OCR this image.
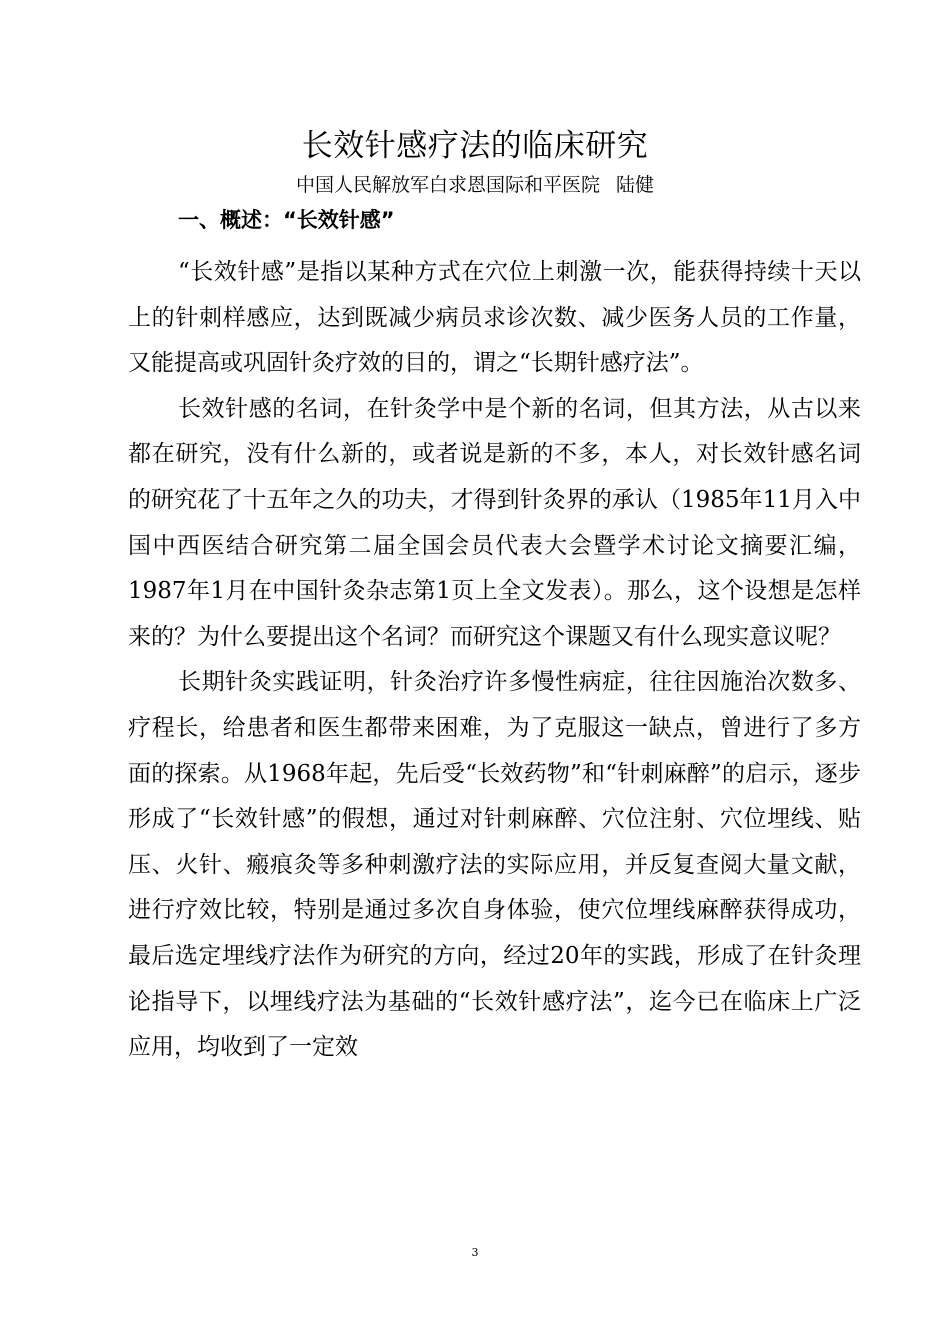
长效针感疗法的临床研究
中国人民解放军白求恩国际和平医院 陆健
一、概述：“长效针感”

“长效针感”是指以某种方式在穴位上刺激一次，能获得持续十天以上的针刺样感应，达到既减少病员求诊次数、减少医务人员的工作量，又能提高或巩固针灸疗效的目的，谓之“长期针感疗法”。

长效针感的名词，在针灸学中是个新的名词，但其方法，从古以来都在研究，没有什么新的，或者说是新的不多，本人，对长效针感名词的研究花了十五年之久的功夫，才得到针灸界的承认（1985年11月入中国中西医结合研究第二届全国会员代表大会暨学术讨论文摘要汇编，1987年1月在中国针灸杂志第1页上全文发表）。那么，这个设想是怎样来的？为什么要提出这个名词？而研究这个课题又有什么现实意议呢？

长期针灸实践证明，针灸治疗许多慢性病症，往往因施治次数多、疗程长，给患者和医生都带来困难，为了克服这一缺点，曾进行了多方面的探索。从1968年起，先后受“长效药物”和“针刺麻醉”的启示，逐步形成了“长效针感”的假想，通过对针刺麻醉、穴位注射、穴位埋线、贴压、火针、瘢痕灸等多种刺激疗法的实际应用，并反复查阅大量文献，进行疗效比较，特别是通过多次自身体验，使穴位埋线麻醉获得成功，最后选定埋线疗法作为研究的方向，经过20年的实践，形成了在针灸理论指导下，以埋线疗法为基础的“长效针感疗法”，迄今已在临床上广泛应用，均收到了一定效

3
